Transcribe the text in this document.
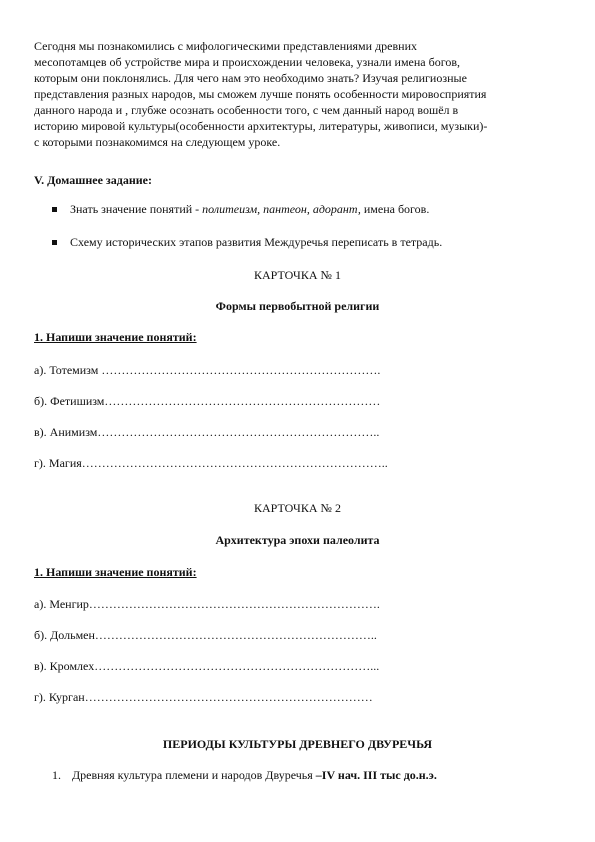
Сегодня мы познакомились с мифологическими представлениями древних
месопотамцев об устройстве мира и происхождении человека, узнали имена богов,
которым они поклонялись. Для чего нам это необходимо знать? Изучая религиозные
представления разных народов, мы сможем лучше понять особенности мировосприятия
данного народа и , глубже осознать особенности того, с чем данный народ вошёл в
историю мировой культуры(особенности архитектуры, литературы, живописи, музыки)-
с которыми познакомимся на следующем уроке.
V. Домашнее задание:
Знать значение понятий - политеизм, пантеон, адорант, имена богов.
Схему исторических этапов развития Междуречья переписать в тетрадь.
КАРТОЧКА № 1
Формы первобытной религии
1. Напиши значение понятий:
а). Тотемизм …………………………………………………………….
б). Фетишизм……………………………………………………………
в). Анимизм……………………………………………………………..
г). Магия…………………………………………………………………..
КАРТОЧКА № 2
Архитектура эпохи палеолита
1. Напиши значение понятий:
а). Менгир……………………………………………………………….
б). Дольмен……………………………………………………………..
в). Кромлех……………………………………………………………...
г). Курган………………………………………………………………
ПЕРИОДЫ КУЛЬТУРЫ ДРЕВНЕГО ДВУРЕЧЬЯ
1. Древняя культура племени и народов Двуречья –IV нач. III тыс до.н.э.
